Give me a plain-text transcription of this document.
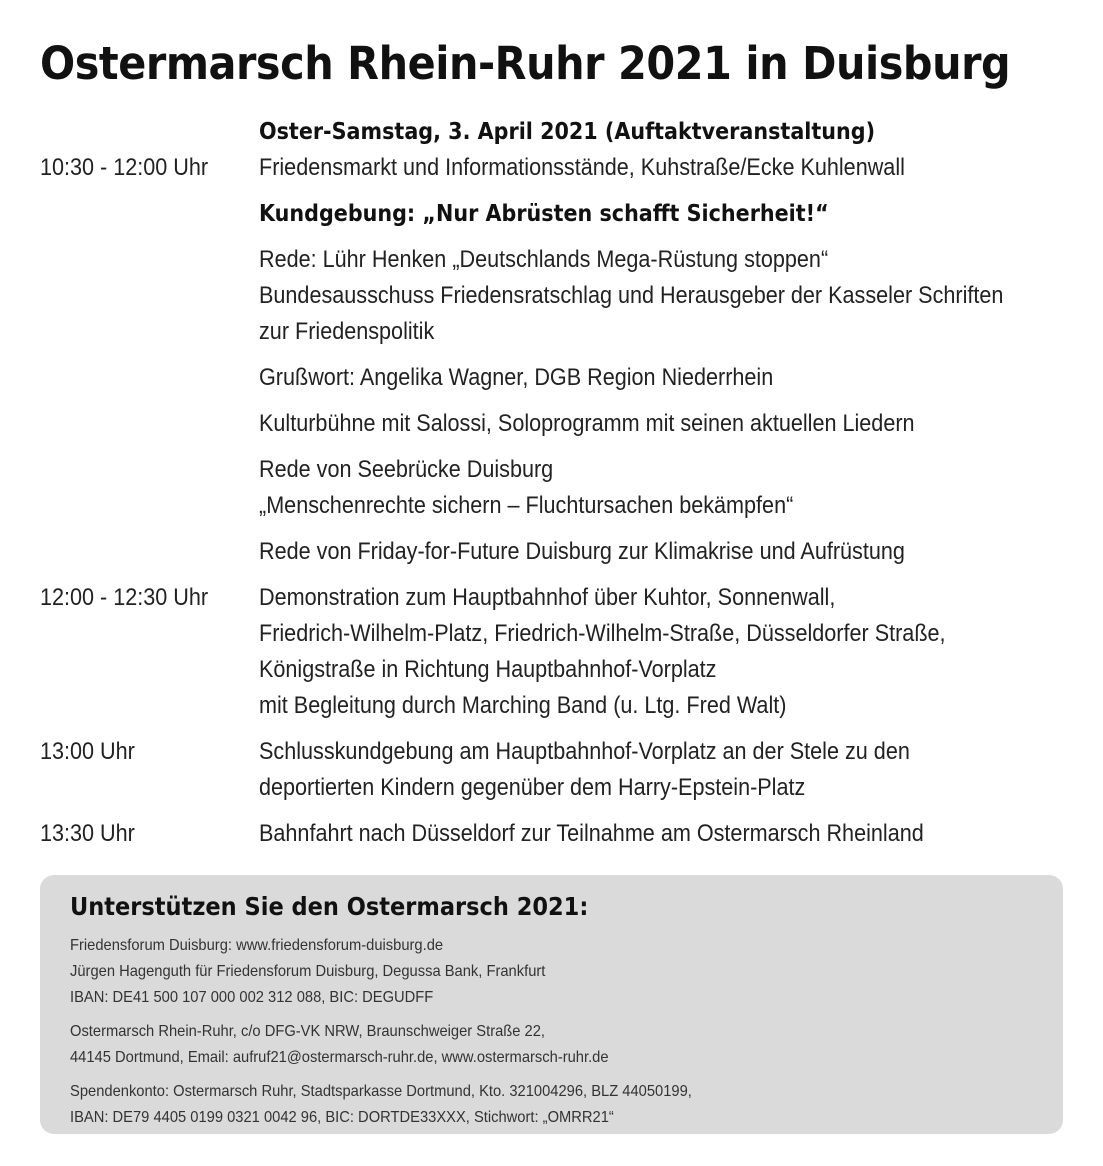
Ostermarsch Rhein-Ruhr 2021 in Duisburg
Oster-Samstag, 3. April 2021 (Auftaktveranstaltung)
10:30 - 12:00 Uhr	Friedensmarkt und Informationsstände, Kuhstraße/Ecke Kuhlenwall
Kundgebung: „Nur Abrüsten schafft Sicherheit!“
Rede: Lühr Henken „Deutschlands Mega-Rüstung stoppen“
Bundesausschuss Friedensratschlag und Herausgeber der Kasseler Schriften
zur Friedenspolitik
Grußwort: Angelika Wagner, DGB Region Niederrhein
Kulturbühne mit Salossi, Soloprogramm mit seinen aktuellen Liedern
Rede von Seebrücke Duisburg
„Menschenrechte sichern – Fluchtursachen bekämpfen“
Rede von Friday-for-Future Duisburg zur Klimakrise und Aufrüstung
12:00 - 12:30 Uhr	Demonstration zum Hauptbahnhof über Kuhtor, Sonnenwall,
Friedrich-Wilhelm-Platz, Friedrich-Wilhelm-Straße, Düsseldorfer Straße,
Königstraße in Richtung Hauptbahnhof-Vorplatz
mit Begleitung durch Marching Band (u. Ltg. Fred Walt)
13:00 Uhr	Schlusskundgebung am Hauptbahnhof-Vorplatz an der Stele zu den
deportierten Kindern gegenüber dem Harry-Epstein-Platz
13:30 Uhr	Bahnfahrt nach Düsseldorf zur Teilnahme am Ostermarsch Rheinland
Unterstützen Sie den Ostermarsch 2021:
Friedensforum Duisburg: www.friedensforum-duisburg.de
Jürgen Hagenguth für Friedensforum Duisburg, Degussa Bank, Frankfurt
IBAN: DE41 500 107 000 002 312 088, BIC: DEGUDFF
Ostermarsch Rhein-Ruhr, c/o DFG-VK NRW, Braunschweiger Straße 22,
44145 Dortmund, Email: aufruf21@ostermarsch-ruhr.de, www.ostermarsch-ruhr.de
Spendenkonto: Ostermarsch Ruhr, Stadtsparkasse Dortmund, Kto. 321004296, BLZ 44050199,
IBAN: DE79 4405 0199 0321 0042 96, BIC: DORTDE33XXX, Stichwort: „OMRR21“
